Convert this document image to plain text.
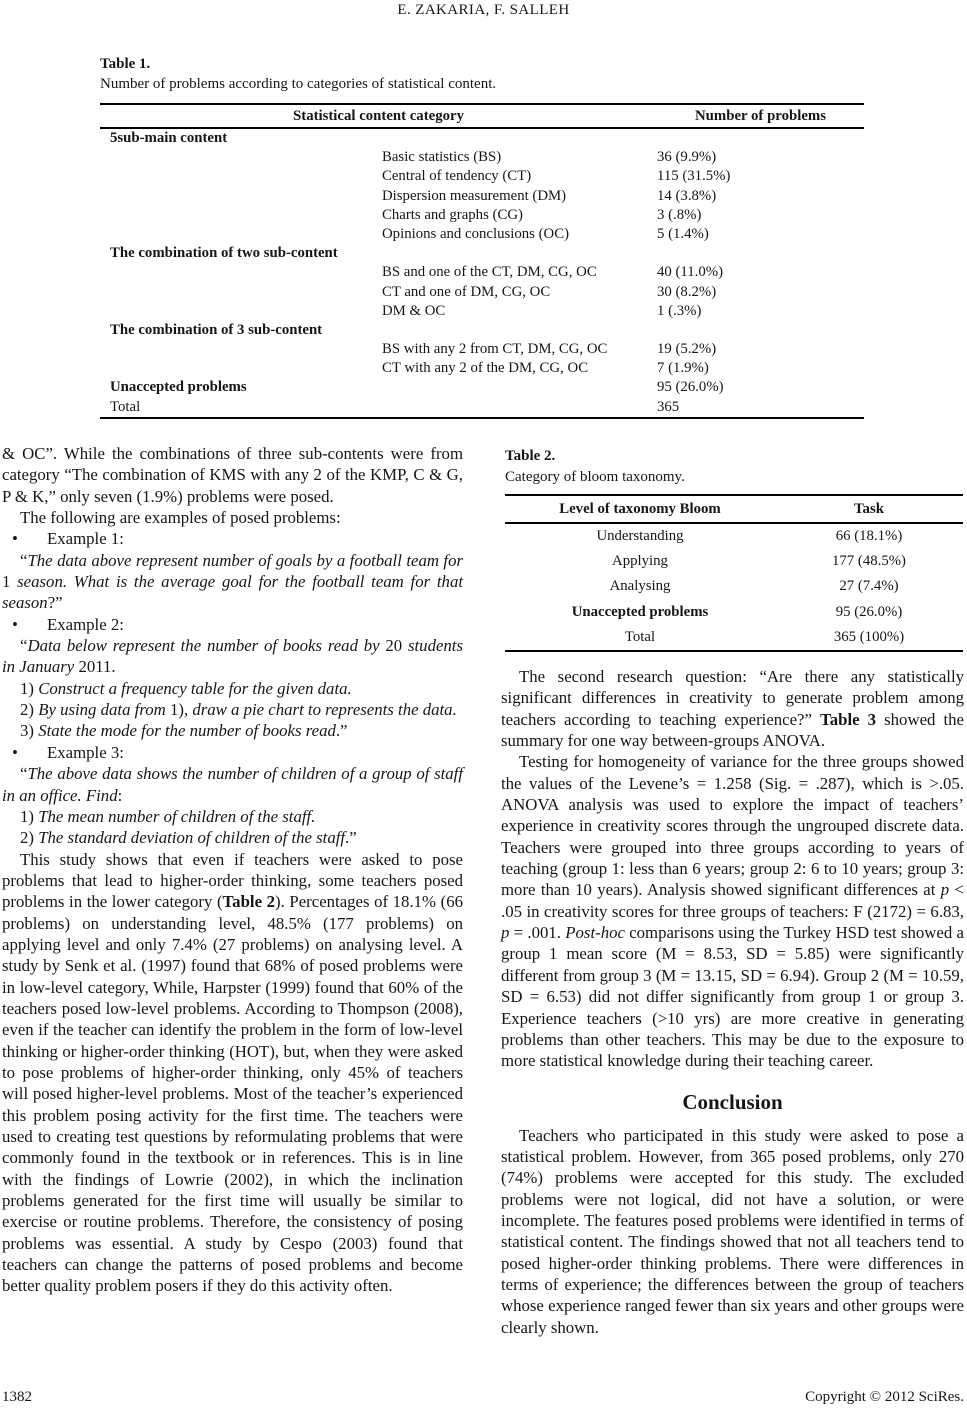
E. ZAKARIA, F. SALLEH
Table 1.
Number of problems according to categories of statistical content.
Statistical content category	Number of problems
5sub-main content
Basic statistics (BS)	36 (9.9%)
Central of tendency (CT)	115 (31.5%)
Dispersion measurement (DM)	14 (3.8%)
Charts and graphs (CG)	3 (.8%)
Opinions and conclusions (OC)	5 (1.4%)
The combination of two sub-content
BS and one of the CT, DM, CG, OC	40 (11.0%)
CT and one of DM, CG, OC	30 (8.2%)
DM & OC	1 (.3%)
The combination of 3 sub-content
BS with any 2 from CT, DM, CG, OC	19 (5.2%)
CT with any 2 of the DM, CG, OC	7 (1.9%)
Unaccepted problems	95 (26.0%)
Total	365
Table 2.
Category of bloom taxonomy.
Level of taxonomy Bloom	Task
Understanding	66 (18.1%)
Applying	177 (48.5%)
Analysing	27 (7.4%)
Unaccepted problems	95 (26.0%)
Total	365 (100%)
& OC”. While the combinations of three sub-contents were from category “The combination of KMS with any 2 of the KMP, C & G, P & K,” only seven (1.9%) problems were posed.
The following are examples of posed problems:
• Example 1:
“The data above represent number of goals by a football team for 1 season. What is the average goal for the football team for that season?”
• Example 2:
“Data below represent the number of books read by 20 students in January 2011.
1) Construct a frequency table for the given data.
2) By using data from 1), draw a pie chart to represents the data.
3) State the mode for the number of books read.”
• Example 3:
“The above data shows the number of children of a group of staff in an office. Find:
1) The mean number of children of the staff.
2) The standard deviation of children of the staff.”
This study shows that even if teachers were asked to pose problems that lead to higher-order thinking, some teachers posed problems in the lower category (Table 2). Percentages of 18.1% (66 problems) on understanding level, 48.5% (177 problems) on applying level and only 7.4% (27 problems) on analysing level. A study by Senk et al. (1997) found that 68% of posed problems were in low-level category, While, Harpster (1999) found that 60% of the teachers posed low-level problems. According to Thompson (2008), even if the teacher can identify the problem in the form of low-level thinking or higher-order thinking (HOT), but, when they were asked to pose problems of higher-order thinking, only 45% of teachers will posed higher-level problems. Most of the teacher’s experienced this problem posing activity for the first time. The teachers were used to creating test questions by reformulating problems that were commonly found in the textbook or in references. This is in line with the findings of Lowrie (2002), in which the inclination problems generated for the first time will usually be similar to exercise or routine problems. Therefore, the consistency of posing problems was essential. A study by Cespo (2003) found that teachers can change the patterns of posed problems and become better quality problem posers if they do this activity often.
The second research question: “Are there any statistically significant differences in creativity to generate problem among teachers according to teaching experience?” Table 3 showed the summary for one way between-groups ANOVA.
Testing for homogeneity of variance for the three groups showed the values of the Levene’s = 1.258 (Sig. = .287), which is >.05. ANOVA analysis was used to explore the impact of teachers’ experience in creativity scores through the ungrouped discrete data. Teachers were grouped into three groups according to years of teaching (group 1: less than 6 years; group 2: 6 to 10 years; group 3: more than 10 years). Analysis showed significant differences at p < .05 in creativity scores for three groups of teachers: F (2172) = 6.83, p = .001. Post-hoc comparisons using the Turkey HSD test showed a group 1 mean score (M = 8.53, SD = 5.85) were significantly different from group 3 (M = 13.15, SD = 6.94). Group 2 (M = 10.59, SD = 6.53) did not differ significantly from group 1 or group 3. Experience teachers (>10 yrs) are more creative in generating problems than other teachers. This may be due to the exposure to more statistical knowledge during their teaching career.
Conclusion
Teachers who participated in this study were asked to pose a statistical problem. However, from 365 posed problems, only 270 (74%) problems were accepted for this study. The excluded problems were not logical, did not have a solution, or were incomplete. The features posed problems were identified in terms of statistical content. The findings showed that not all teachers tend to posed higher-order thinking problems. There were differences in terms of experience; the differences between the group of teachers whose experience ranged fewer than six years and other groups were clearly shown.
1382	Copyright © 2012 SciRes.
